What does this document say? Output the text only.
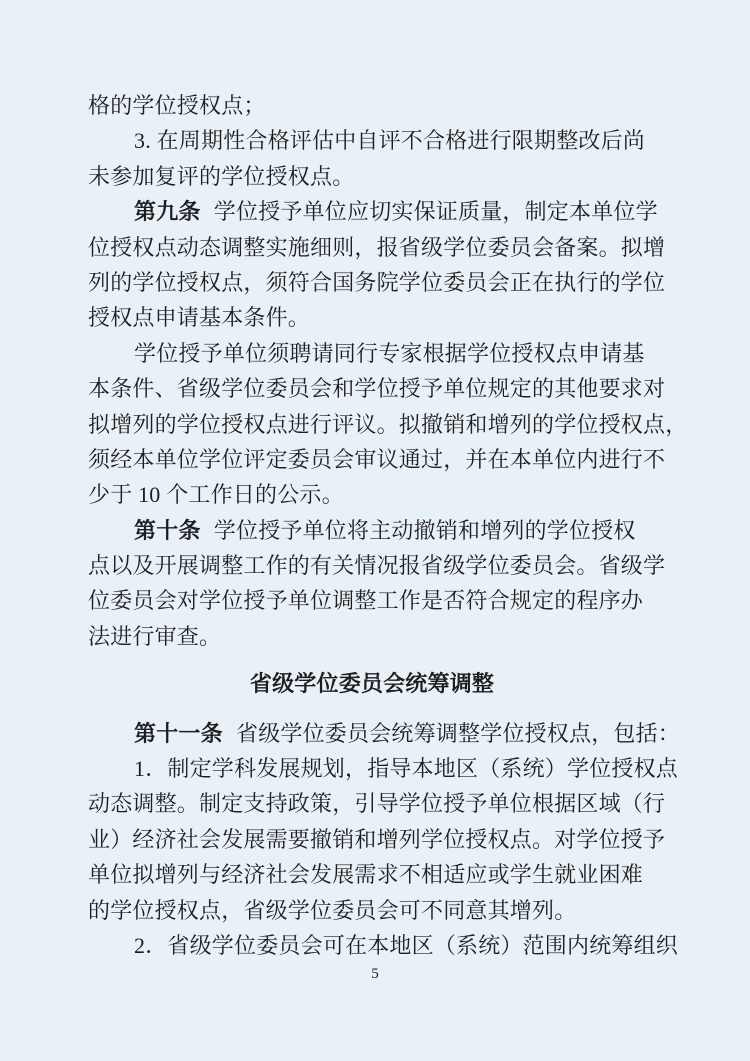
格的学位授权点；
3. 在周期性合格评估中自评不合格进行限期整改后尚
未参加复评的学位授权点。
第九条 学位授予单位应切实保证质量，制定本单位学
位授权点动态调整实施细则，报省级学位委员会备案。拟增
列的学位授权点，须符合国务院学位委员会正在执行的学位
授权点申请基本条件。
学位授予单位须聘请同行专家根据学位授权点申请基
本条件、省级学位委员会和学位授予单位规定的其他要求对
拟增列的学位授权点进行评议。拟撤销和增列的学位授权点，
须经本单位学位评定委员会审议通过，并在本单位内进行不
少于 10 个工作日的公示。
第十条 学位授予单位将主动撤销和增列的学位授权
点以及开展调整工作的有关情况报省级学位委员会。省级学
位委员会对学位授予单位调整工作是否符合规定的程序办
法进行审查。
省级学位委员会统筹调整
第十一条 省级学位委员会统筹调整学位授权点，包括：
1．制定学科发展规划，指导本地区（系统）学位授权点
动态调整。制定支持政策，引导学位授予单位根据区域（行
业）经济社会发展需要撤销和增列学位授权点。对学位授予
单位拟增列与经济社会发展需求不相适应或学生就业困难
的学位授权点，省级学位委员会可不同意其增列。
2．省级学位委员会可在本地区（系统）范围内统筹组织
5
